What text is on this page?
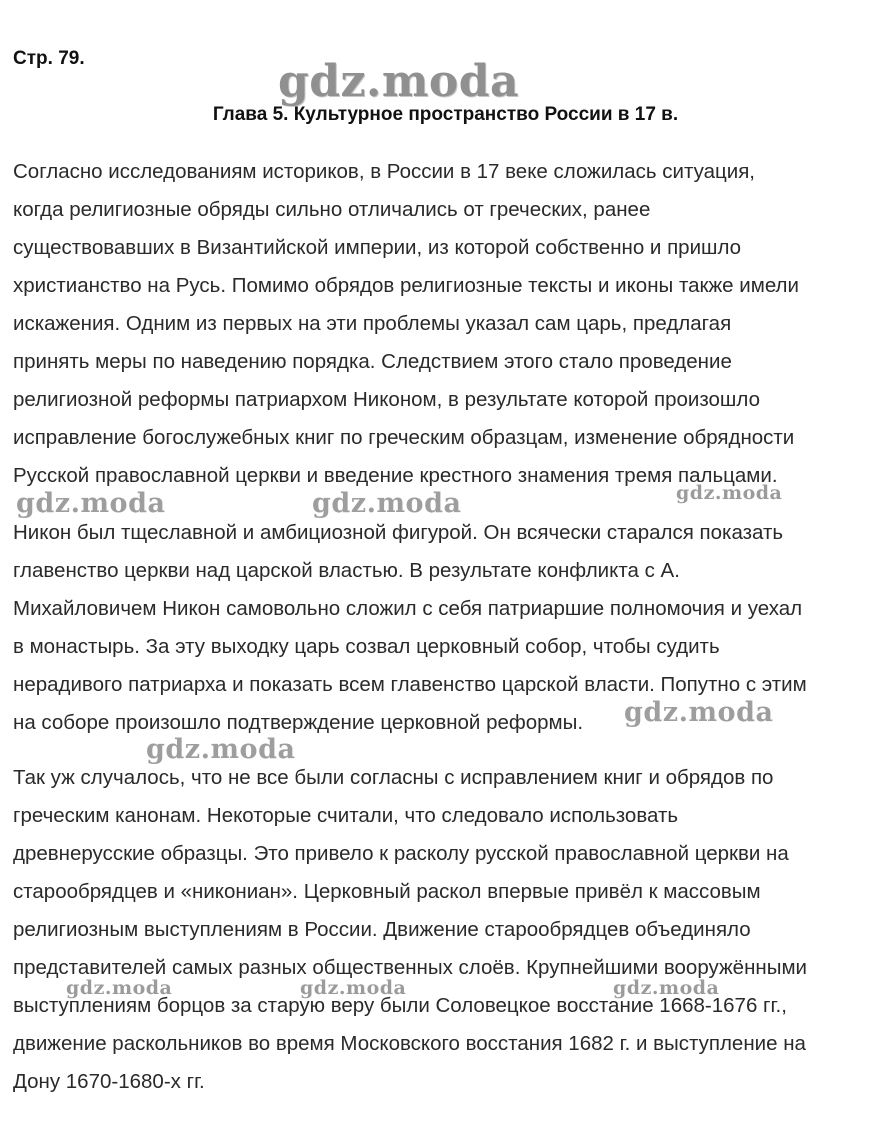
Стр. 79.	gdz.moda
Глава 5. Культурное пространство России в 17 в.
Согласно исследованиям историков, в России в 17 веке сложилась ситуация,
когда религиозные обряды сильно отличались от греческих, ранее
существовавших в Византийской империи, из которой собственно и пришло
христианство на Русь. Помимо обрядов религиозные тексты и иконы также имели
искажения. Одним из первых на эти проблемы указал сам царь, предлагая
принять меры по наведению порядка. Следствием этого стало проведение
религиозной реформы патриархом Никоном, в результате которой произошло
исправление богослужебных книг по греческим образцам, изменение обрядности
Русской православной церкви и введение крестного знамения тремя пальцами.
gdz.moda	gdz.moda	gdz.moda
Никон был тщеславной и амбициозной фигурой. Он всячески старался показать
главенство церкви над царской властью. В результате конфликта с А.
Михайловичем Никон самовольно сложил с себя патриаршие полномочия и уехал
в монастырь. За эту выходку царь созвал церковный собор, чтобы судить
нерадивого патриарха и показать всем главенство царской власти. Попутно с этим
на соборе произошло подтверждение церковной реформы.	gdz.moda
gdz.moda
Так уж случалось, что не все были согласны с исправлением книг и обрядов по
греческим канонам. Некоторые считали, что следовало использовать
древнерусские образцы. Это привело к расколу русской православной церкви на
старообрядцев и «никониан». Церковный раскол впервые привёл к массовым
религиозным выступлениям в России. Движение старообрядцев объединяло
представителей самых разных общественных слоёв. Крупнейшими вооружёнными
выступлениям борцов за старую веру были Соловецкое восстание 1668-1676 гг.,
движение раскольников во время Московского восстания 1682 г. и выступление на
Дону 1670-1680-х гг.
gdz.moda	gdz.moda	gdz.moda
